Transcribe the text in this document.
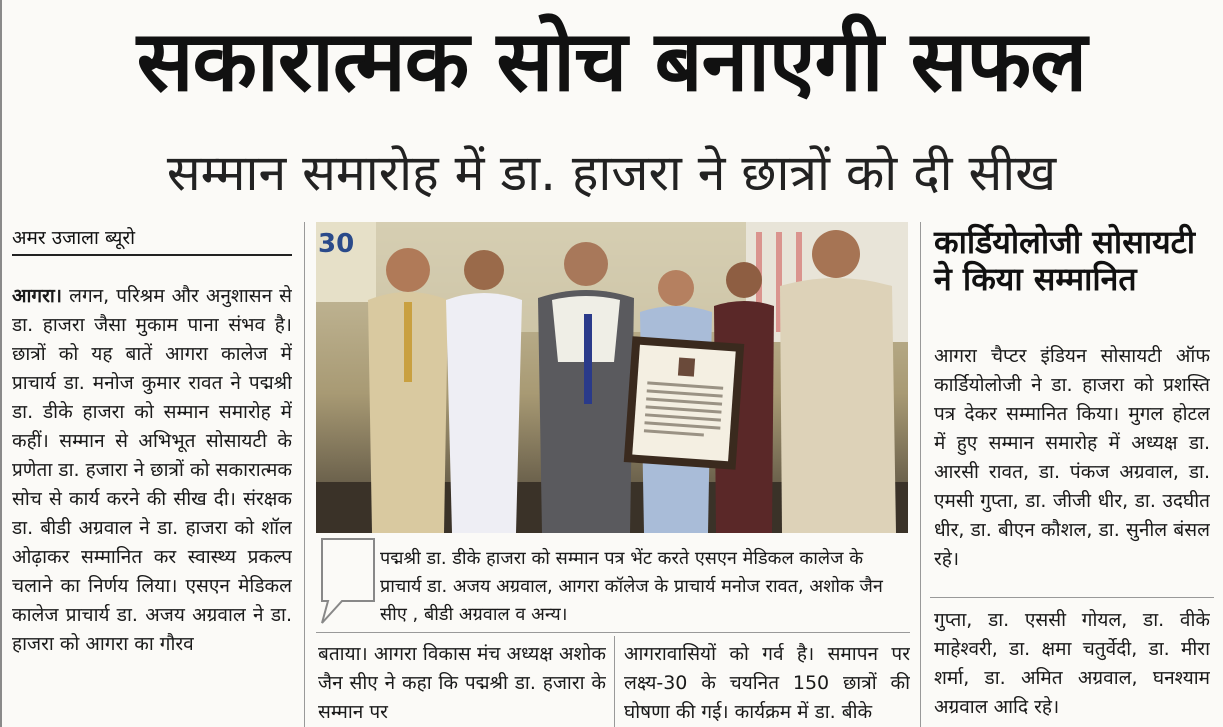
सकारात्मक सोच बनाएगी सफल
सम्मान समारोह में डा. हाजरा ने छात्रों को दी सीख
अमर उजाला ब्यूरो
आगरा। लगन, परिश्रम और अनुशासन से डा. हाजरा जैसा मुकाम पाना संभव है। छात्रों को यह बातें आगरा कालेज में प्राचार्य डा. मनोज कुमार रावत ने पद्मश्री डा. डीके हाजरा को सम्मान समारोह में कहीं। सम्मान से अभिभूत सोसायटी के प्रणेता डा. हजारा ने छात्रों को सकारात्मक सोच से कार्य करने की सीख दी। संरक्षक डा. बीडी अग्रवाल ने डा. हाजरा को शॉल ओढ़ाकर सम्मानित कर स्वास्थ्य प्रकल्प चलाने का निर्णय लिया। एसएन मेडिकल कालेज प्राचार्य डा. अजय अग्रवाल ने डा. हाजरा को आगरा का गौरव
30
पद्मश्री डा. डीके हाजरा को सम्मान पत्र भेंट करते एसएन मेडिकल कालेज के प्राचार्य डा. अजय अग्रवाल, आगरा कॉलेज के प्राचार्य मनोज रावत, अशोक जैन सीए , बीडी अग्रवाल व अन्य।
बताया। आगरा विकास मंच अध्यक्ष अशोक जैन सीए ने कहा कि पद्मश्री डा. हजारा के सम्मान पर
आगरावासियों को गर्व है। समापन पर लक्ष्य-30 के चयनित 150 छात्रों की घोषणा की गई। कार्यक्रम में डा. बीके
कार्डियोलोजी सोसायटी ने किया सम्मानित
आगरा चैप्टर इंडियन सोसायटी ऑफ कार्डियोलोजी ने डा. हाजरा को प्रशस्ति पत्र देकर सम्मानित किया। मुगल होटल में हुए सम्मान समारोह में अध्यक्ष डा. आरसी रावत, डा. पंकज अग्रवाल, डा. एमसी गुप्ता, डा. जीजी धीर, डा. उदघीत धीर, डा. बीएन कौशल, डा. सुनील बंसल रहे।
गुप्ता, डा. एससी गोयल, डा. वीके माहेश्वरी, डा. क्षमा चतुर्वेदी, डा. मीरा शर्मा, डा. अमित अग्रवाल, घनश्याम अग्रवाल आदि रहे।
